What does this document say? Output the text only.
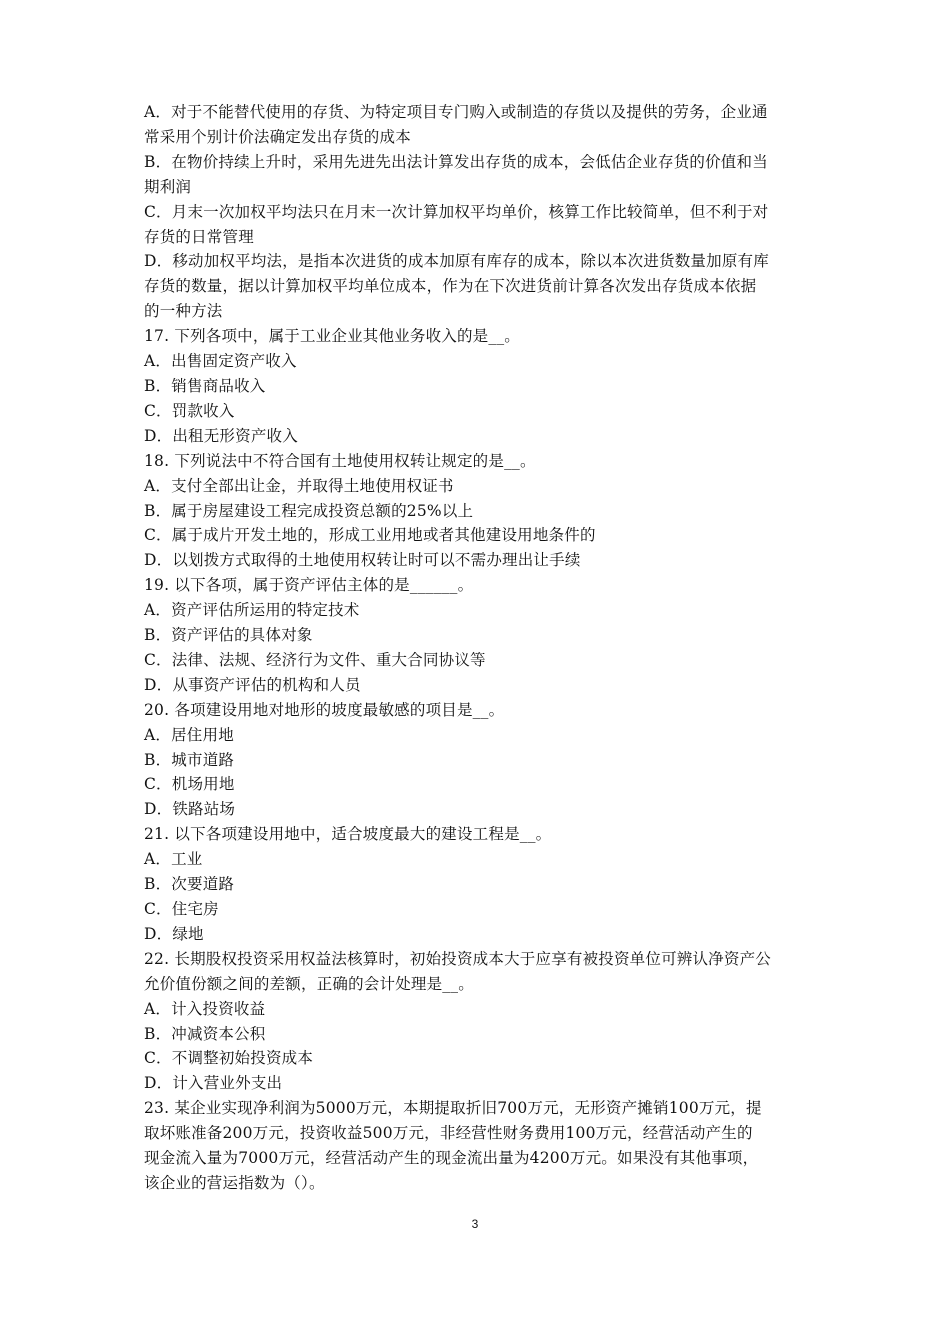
A．对于不能替代使用的存货、为特定项目专门购入或制造的存货以及提供的劳务，企业通
常采用个别计价法确定发出存货的成本
B．在物价持续上升时，采用先进先出法计算发出存货的成本，会低估企业存货的价值和当
期利润
C．月末一次加权平均法只在月末一次计算加权平均单价，核算工作比较简单，但不利于对
存货的日常管理
D．移动加权平均法，是指本次进货的成本加原有库存的成本，除以本次进货数量加原有库
存货的数量，据以计算加权平均单位成本，作为在下次进货前计算各次发出存货成本依据
的一种方法
17. 下列各项中，属于工业企业其他业务收入的是__。
A．出售固定资产收入
B．销售商品收入
C．罚款收入
D．出租无形资产收入
18. 下列说法中不符合国有土地使用权转让规定的是__。
A．支付全部出让金，并取得土地使用权证书
B．属于房屋建设工程完成投资总额的25%以上
C．属于成片开发土地的，形成工业用地或者其他建设用地条件的
D．以划拨方式取得的土地使用权转让时可以不需办理出让手续
19. 以下各项，属于资产评估主体的是______。
A．资产评估所运用的特定技术
B．资产评估的具体对象
C．法律、法规、经济行为文件、重大合同协议等
D．从事资产评估的机构和人员
20. 各项建设用地对地形的坡度最敏感的项目是__。
A．居住用地
B．城市道路
C．机场用地
D．铁路站场
21. 以下各项建设用地中，适合坡度最大的建设工程是__。
A．工业
B．次要道路
C．住宅房
D．绿地
22. 长期股权投资采用权益法核算时，初始投资成本大于应享有被投资单位可辨认净资产公
允价值份额之间的差额，正确的会计处理是__。
A．计入投资收益
B．冲减资本公积
C．不调整初始投资成本
D．计入营业外支出
23. 某企业实现净利润为5000万元，本期提取折旧700万元，无形资产摊销100万元，提
取坏账准备200万元，投资收益500万元，非经营性财务费用100万元，经营活动产生的
现金流入量为7000万元，经营活动产生的现金流出量为4200万元。如果没有其他事项，
该企业的营运指数为（）。
3
